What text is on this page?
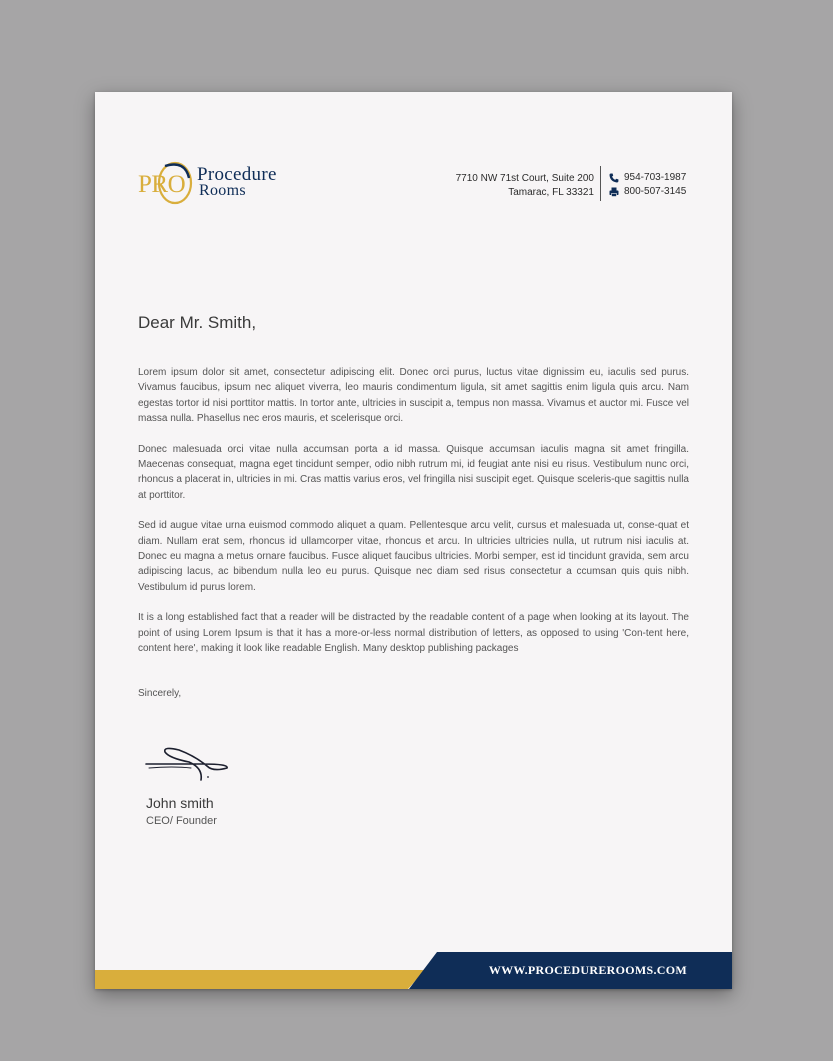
PRO Procedure
Rooms
7710 NW 71st Court, Suite 200
Tamarac, FL 33321
954-703-1987
800-507-3145
Dear Mr. Smith,

Lorem ipsum dolor sit amet, consectetur adipiscing elit. Donec orci purus, luctus vitae dignissim eu, iaculis sed purus. Vivamus faucibus, ipsum nec aliquet viverra, leo mauris condimentum ligula, sit amet sagittis enim ligula quis arcu. Nam egestas tortor id nisi porttitor mattis. In tortor ante, ultricies in suscipit a, tempus non massa. Vivamus et auctor mi. Fusce vel massa nulla. Phasellus nec eros mauris, et scelerisque orci.

Donec malesuada orci vitae nulla accumsan porta a id massa. Quisque accumsan iaculis magna sit amet fringilla. Maecenas consequat, magna eget tincidunt semper, odio nibh rutrum mi, id feugiat ante nisi eu risus. Vestibulum nunc orci, rhoncus a placerat in, ultricies in mi. Cras mattis varius eros, vel fringilla nisi suscipit eget. Quisque sceleris-que sagittis nulla at porttitor.

Sed id augue vitae urna euismod commodo aliquet a quam. Pellentesque arcu velit, cursus et malesuada ut, conse-quat et diam. Nullam erat sem, rhoncus id ullamcorper vitae, rhoncus et arcu. In ultricies ultricies nulla, ut rutrum nisi iaculis at. Donec eu magna a metus ornare faucibus. Fusce aliquet faucibus ultricies. Morbi semper, est id tincidunt gravida, sem arcu adipiscing lacus, ac bibendum nulla leo eu purus. Quisque nec diam sed risus consectetur a ccumsan quis quis nibh. Vestibulum id purus lorem.

It is a long established fact that a reader will be distracted by the readable content of a page when looking at its layout. The point of using Lorem Ipsum is that it has a more-or-less normal distribution of letters, as opposed to using 'Con-tent here, content here', making it look like readable English. Many desktop publishing packages

Sincerely,
John smith
CEO/ Founder
WWW.PROCEDUREROOMS.COM
